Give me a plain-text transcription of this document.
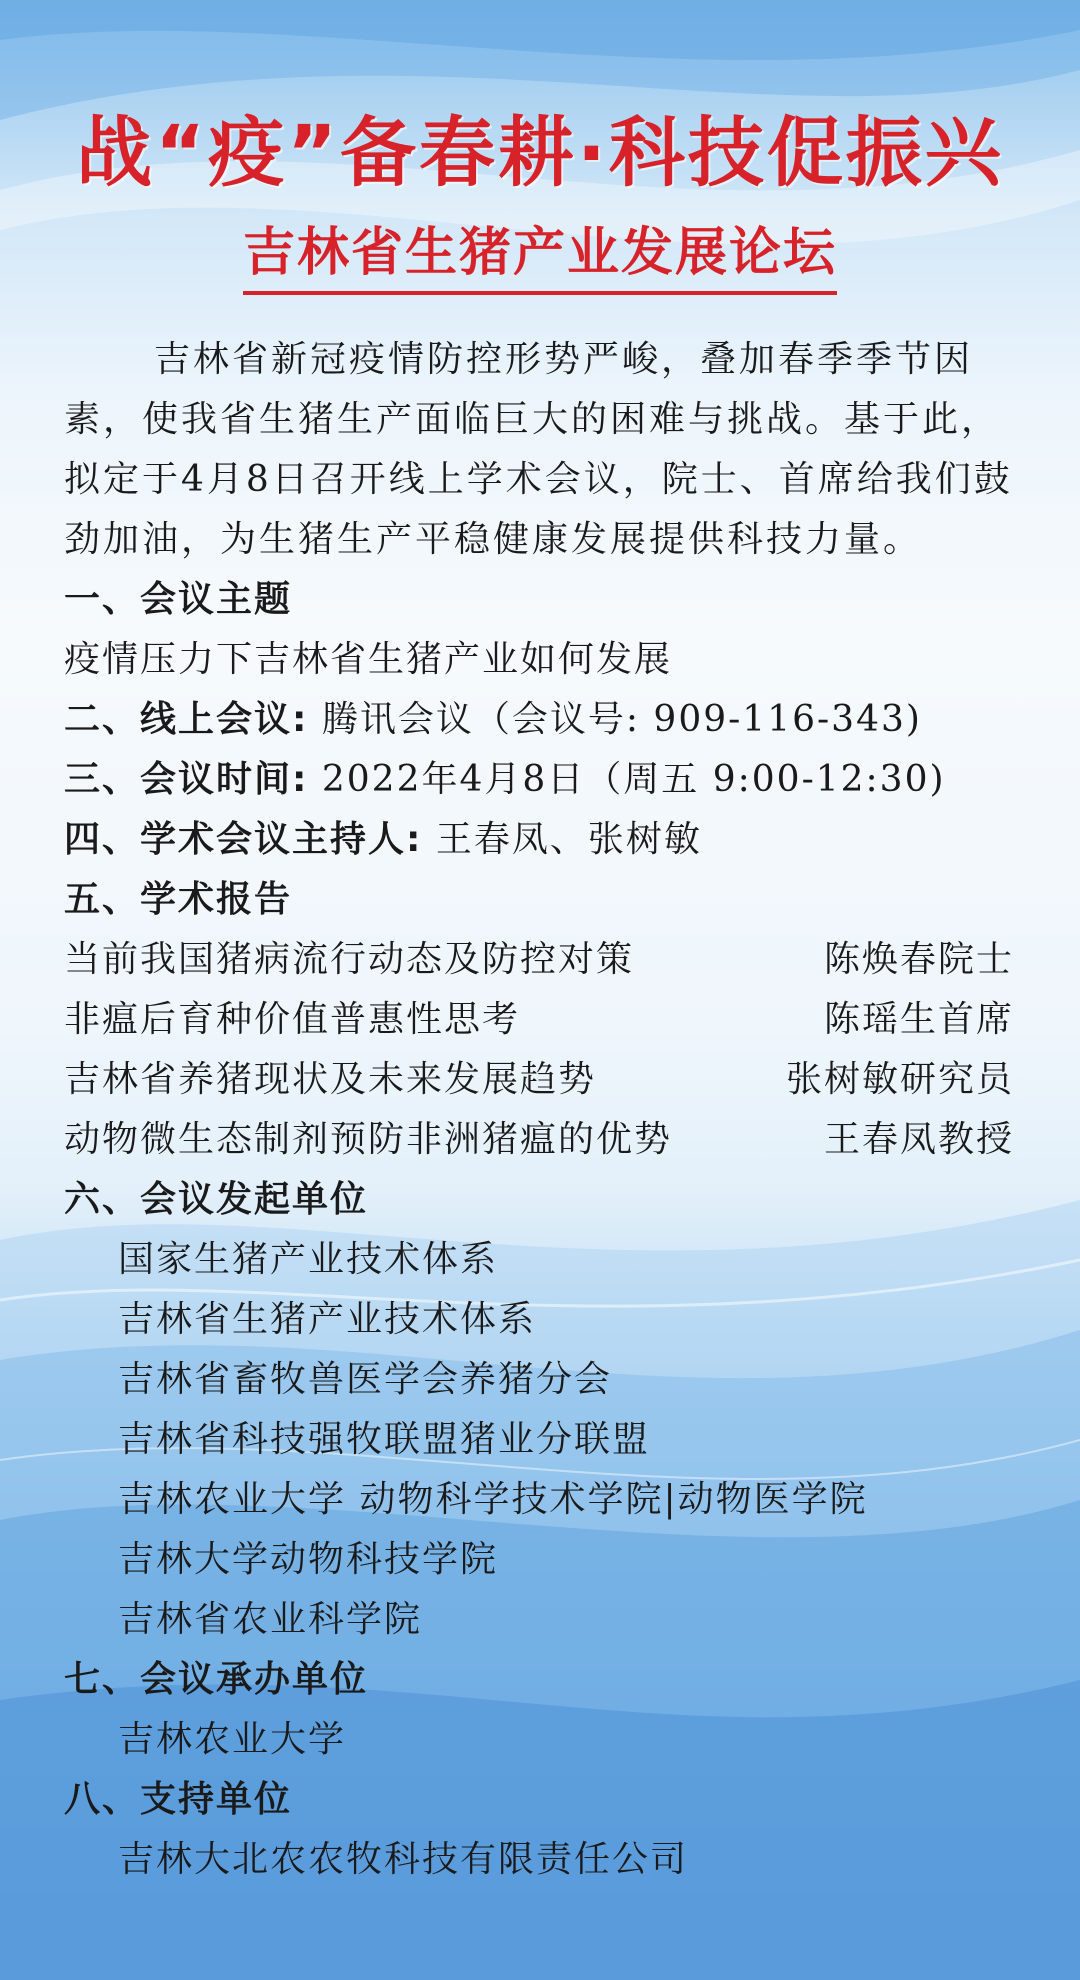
战“疫”备春耕·科技促振兴
吉林省生猪产业发展论坛

吉林省新冠疫情防控形势严峻，叠加春季季节因素，使我省生猪生产面临巨大的困难与挑战。基于此，拟定于4月8日召开线上学术会议，院士、首席给我们鼓劲加油，为生猪生产平稳健康发展提供科技力量。

一、会议主题
疫情压力下吉林省生猪产业如何发展
二、线上会议: 腾讯会议（会议号: 909-116-343)
三、会议时间: 2022年4月8日（周五 9:00-12:30)
四、学术会议主持人: 王春凤、张树敏
五、学术报告
当前我国猪病流行动态及防控对策	陈焕春院士
非瘟后育种价值普惠性思考	陈瑶生首席
吉林省养猪现状及未来发展趋势	张树敏研究员
动物微生态制剂预防非洲猪瘟的优势	王春凤教授
六、会议发起单位
国家生猪产业技术体系
吉林省生猪产业技术体系
吉林省畜牧兽医学会养猪分会
吉林省科技强牧联盟猪业分联盟
吉林农业大学 动物科学技术学院|动物医学院
吉林大学动物科技学院
吉林省农业科学院
七、会议承办单位
吉林农业大学
八、支持单位
吉林大北农农牧科技有限责任公司
